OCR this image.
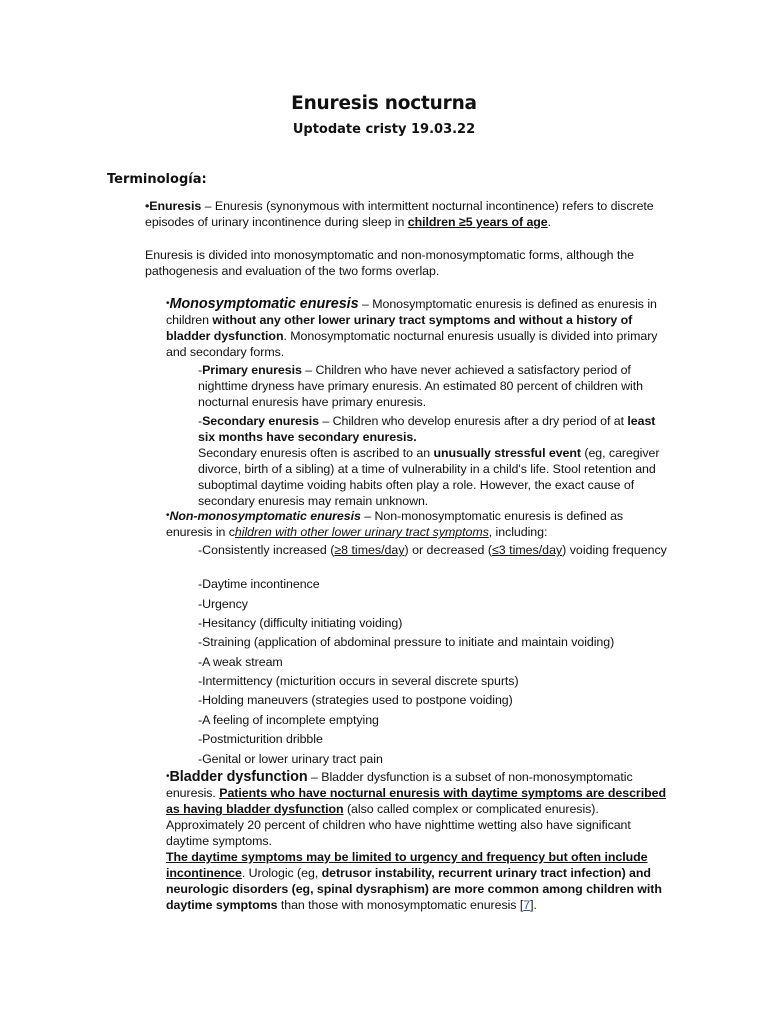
Enuresis nocturna
Uptodate cristy 19.03.22
Terminología:
•Enuresis – Enuresis (synonymous with intermittent nocturnal incontinence) refers to discrete episodes of urinary incontinence during sleep in children ≥5 years of age.
Enuresis is divided into monosymptomatic and non-monosymptomatic forms, although the pathogenesis and evaluation of the two forms overlap.
•Monosymptomatic enuresis – Monosymptomatic enuresis is defined as enuresis in children without any other lower urinary tract symptoms and without a history of bladder dysfunction. Monosymptomatic nocturnal enuresis usually is divided into primary and secondary forms.
-Primary enuresis – Children who have never achieved a satisfactory period of nighttime dryness have primary enuresis. An estimated 80 percent of children with nocturnal enuresis have primary enuresis.
-Secondary enuresis – Children who develop enuresis after a dry period of at least six months have secondary enuresis.
Secondary enuresis often is ascribed to an unusually stressful event (eg, caregiver divorce, birth of a sibling) at a time of vulnerability in a child's life. Stool retention and suboptimal daytime voiding habits often play a role. However, the exact cause of secondary enuresis may remain unknown.
•Non-monosymptomatic enuresis – Non-monosymptomatic enuresis is defined as enuresis in children with other lower urinary tract symptoms, including:
-Consistently increased (≥8 times/day) or decreased (≤3 times/day) voiding frequency
-Daytime incontinence
-Urgency
-Hesitancy (difficulty initiating voiding)
-Straining (application of abdominal pressure to initiate and maintain voiding)
-A weak stream
-Intermittency (micturition occurs in several discrete spurts)
-Holding maneuvers (strategies used to postpone voiding)
-A feeling of incomplete emptying
-Postmicturition dribble
-Genital or lower urinary tract pain
•Bladder dysfunction – Bladder dysfunction is a subset of non-monosymptomatic enuresis. Patients who have nocturnal enuresis with daytime symptoms are described as having bladder dysfunction (also called complex or complicated enuresis). Approximately 20 percent of children who have nighttime wetting also have significant daytime symptoms.
The daytime symptoms may be limited to urgency and frequency but often include incontinence. Urologic (eg, detrusor instability, recurrent urinary tract infection) and neurologic disorders (eg, spinal dysraphism) are more common among children with daytime symptoms than those with monosymptomatic enuresis [7].
